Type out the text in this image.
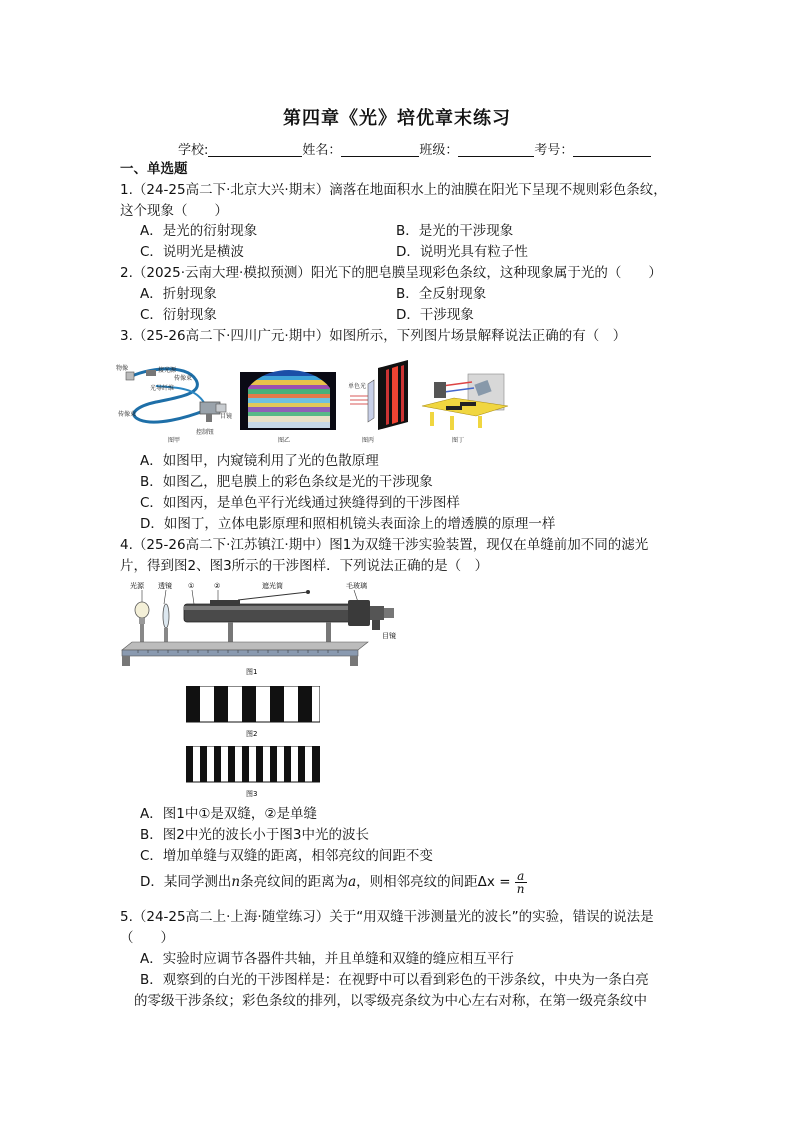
第四章《光》培优章末练习
学校:	姓名：	班级：	考号：
一、单选题
1.（24-25高二下·北京大兴·期末）滴落在地面积水上的油膜在阳光下呈现不规则彩色条纹，
这个现象（　　）
A．是光的衍射现象	B．是光的干涉现象
C．说明光是横波	D．说明光具有粒子性
2.（2025·云南大理·模拟预测）阳光下的肥皂膜呈现彩色条纹，这种现象属于光的（　　）
A．折射现象	B．全反射现象
C．衍射现象	D．干涉现象
3.（25-26高二下·四川广元·期中）如图所示，下列图片场景解释说法正确的有（　）
物像	接光源
传像束
光导纤维
传像束	目镜
控制钮
图甲	图乙
单色光
图丙	图丁
A．如图甲，内窥镜利用了光的色散原理
B．如图乙，肥皂膜上的彩色条纹是光的干涉现象
C．如图丙，是单色平行光线通过狭缝得到的干涉图样
D．如图丁，立体电影原理和照相机镜头表面涂上的增透膜的原理一样
4.（25-26高二下·江苏镇江·期中）图1为双缝干涉实验装置，现仅在单缝前加不同的滤光
片，得到图2、图3所示的干涉图样．下列说法正确的是（　）
光源 透镜 ①	②	遮光筒	毛玻璃
目镜
图1
图2
图3
A．图1中①是双缝，②是单缝
B．图2中光的波长小于图3中光的波长
C．增加单缝与双缝的距离，相邻亮纹的间距不变
D．某同学测出n条亮纹间的距离为a，则相邻亮纹的间距$\Delta x = \frac{a}{n}$
5.（24-25高二上·上海·随堂练习）关于“用双缝干涉测量光的波长”的实验，错误的说法是
（　　）
A．实验时应调节各器件共轴，并且单缝和双缝的缝应相互平行
B．观察到的白光的干涉图样是：在视野中可以看到彩色的干涉条纹，中央为一条白亮
的零级干涉条纹；彩色条纹的排列，以零级亮条纹为中心左右对称，在第一级亮条纹中
